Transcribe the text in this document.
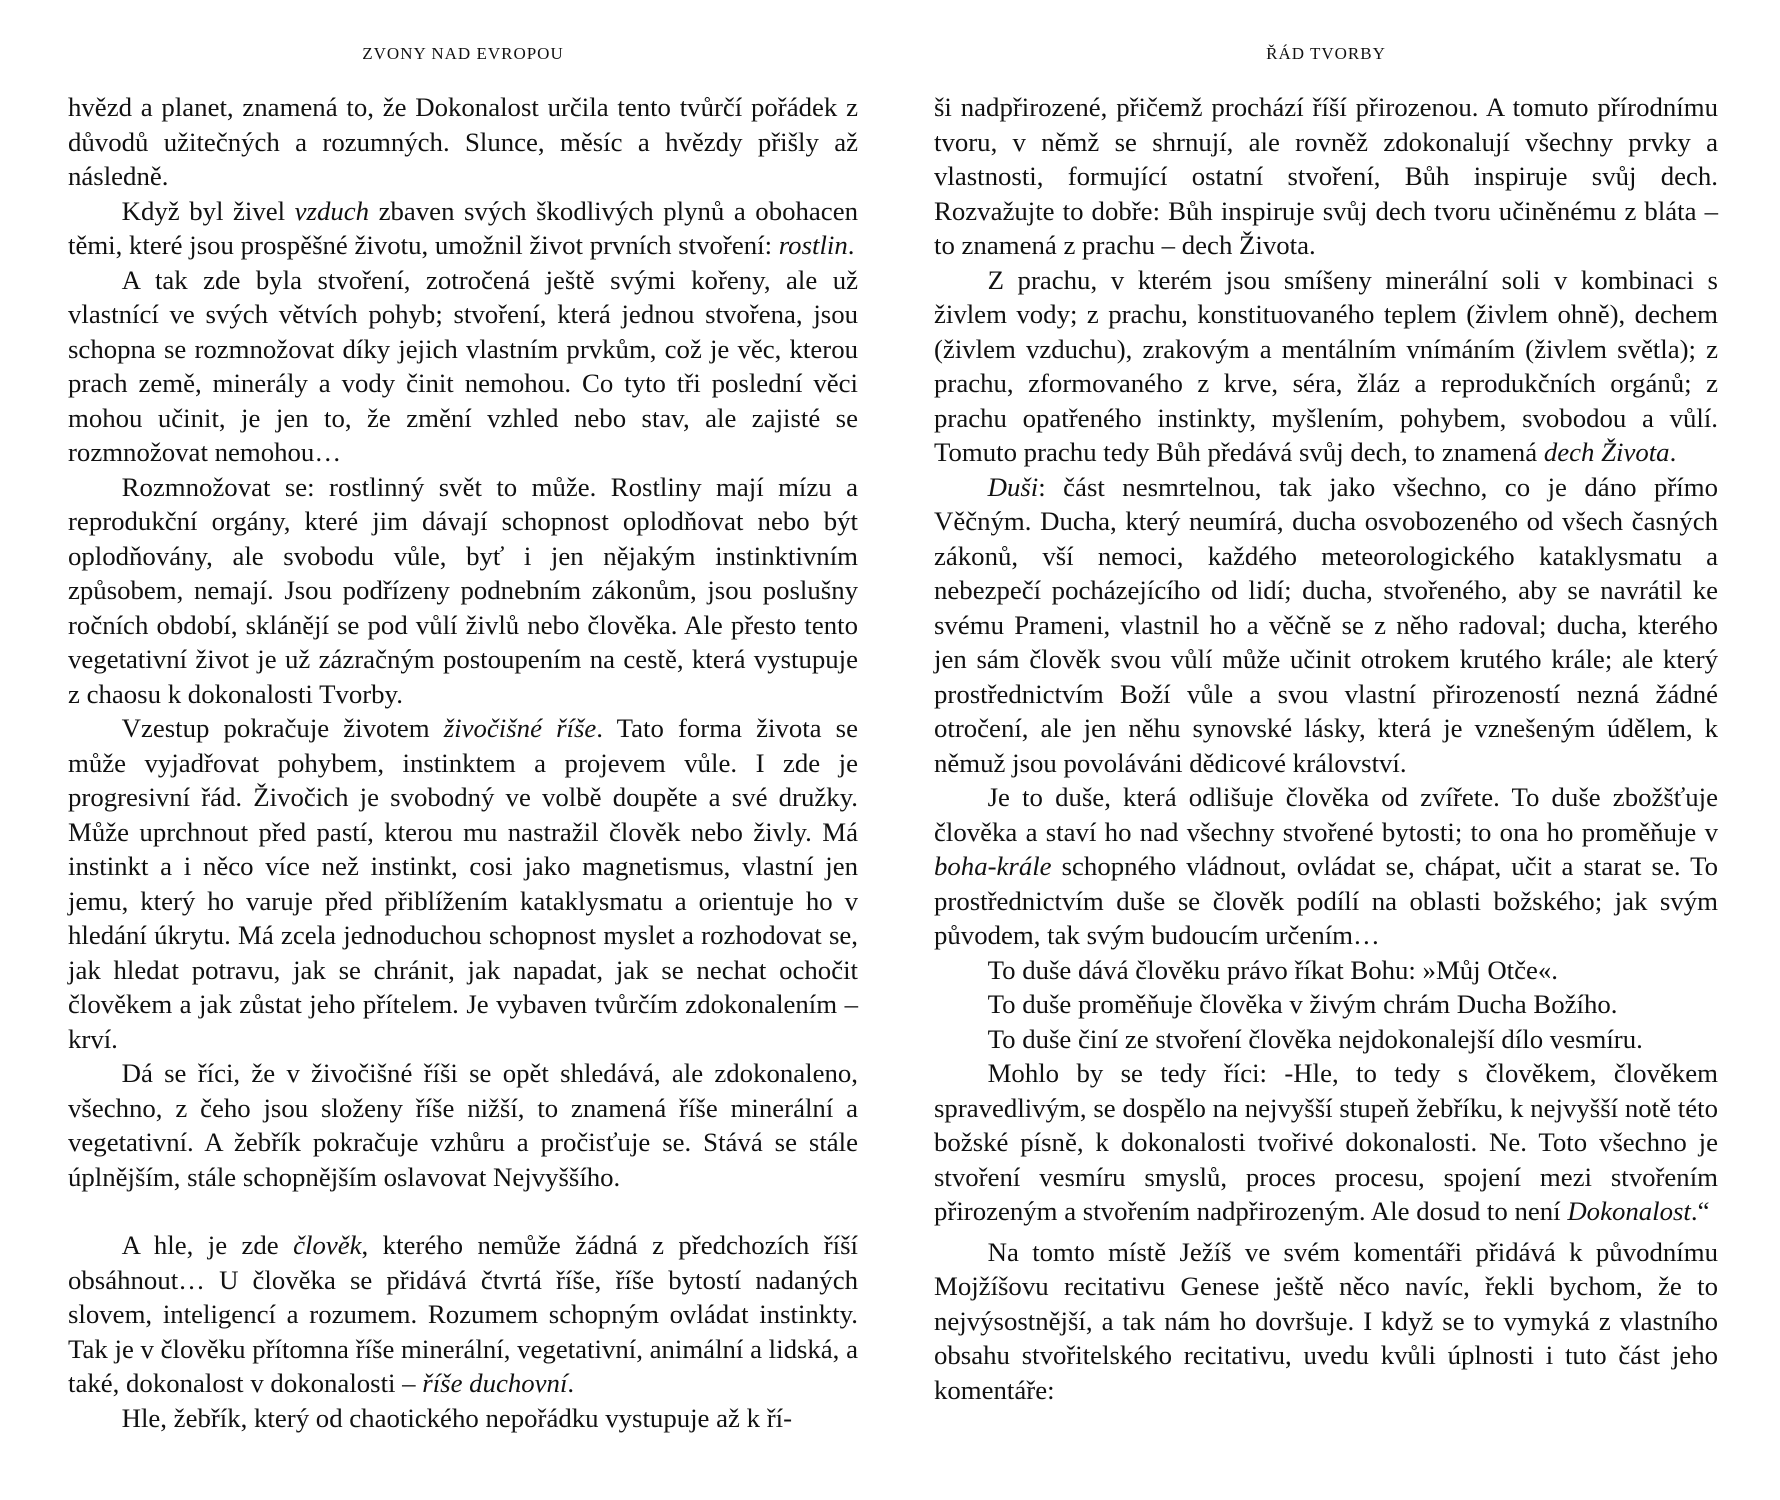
ZVONY NAD EVROPOU

hvězd a planet, znamená to, že Dokonalost určila tento tvůrčí pořádek z důvodů užitečných a rozumných. Slunce, měsíc a hvězdy přišly až následně.

Když byl živel vzduch zbaven svých škodlivých plynů a obohacen těmi, které jsou prospěšné životu, umožnil život prvních stvoření: rostlin.

A tak zde byla stvoření, zotročená ještě svými kořeny, ale už vlastnící ve svých větvích pohyb; stvoření, která jednou stvořena, jsou schopna se rozmnožovat díky jejich vlastním prvkům, což je věc, kterou prach země, minerály a vody činit nemohou. Co tyto tři poslední věci mohou učinit, je jen to, že změní vzhled nebo stav, ale zajisté se rozmnožovat nemohou…

Rozmnožovat se: rostlinný svět to může. Rostliny mají mízu a reprodukční orgány, které jim dávají schopnost oplodňovat nebo být oplodňovány, ale svobodu vůle, byť i jen nějakým instinktivním způsobem, nemají. Jsou podřízeny podnebním zákonům, jsou poslušny ročních období, sklánějí se pod vůlí živlů nebo člověka. Ale přesto tento vegetativní život je už zázračným postoupením na cestě, která vystupuje z chaosu k dokonalosti Tvorby.

Vzestup pokračuje životem živočišné říše. Tato forma života se může vyjadřovat pohybem, instinktem a projevem vůle. I zde je progresivní řád. Živočich je svobodný ve volbě doupěte a své družky. Může uprchnout před pastí, kterou mu nastražil člověk nebo živly. Má instinkt a i něco více než instinkt, cosi jako magnetismus, vlastní jen jemu, který ho varuje před přiblížením kataklysmatu a orientuje ho v hledání úkrytu. Má zcela jednoduchou schopnost myslet a rozhodovat se, jak hledat potravu, jak se chránit, jak napadat, jak se nechat ochočit člověkem a jak zůstat jeho přítelem. Je vybaven tvůrčím zdokonalením – krví.

Dá se říci, že v živočišné říši se opět shledává, ale zdokonaleno, všechno, z čeho jsou složeny říše nižší, to znamená říše minerální a vegetativní. A žebřík pokračuje vzhůru a pročisťuje se. Stává se stále úplnějším, stále schopnějším oslavovat Nejvyššího.

A hle, je zde člověk, kterého nemůže žádná z předchozích říší obsáhnout… U člověka se přidává čtvrtá říše, říše bytostí nadaných slovem, inteligencí a rozumem. Rozumem schopným ovládat instinkty. Tak je v člověku přítomna říše minerální, vegetativní, animální a lidská, a také, dokonalost v dokonalosti – říše duchovní.

Hle, žebřík, který od chaotického nepořádku vystupuje až k ří-

ŘÁD TVORBY

ši nadpřirozené, přičemž prochází říší přirozenou. A tomuto přírodnímu tvoru, v němž se shrnují, ale rovněž zdokonalují všechny prvky a vlastnosti, formující ostatní stvoření, Bůh inspiruje svůj dech. Rozvažujte to dobře: Bůh inspiruje svůj dech tvoru učiněnému z bláta – to znamená z prachu – dech Života.

Z prachu, v kterém jsou smíšeny minerální soli v kombinaci s živlem vody; z prachu, konstituovaného teplem (živlem ohně), dechem (živlem vzduchu), zrakovým a mentálním vnímáním (živlem světla); z prachu, zformovaného z krve, séra, žláz a reprodukčních orgánů; z prachu opatřeného instinkty, myšlením, pohybem, svobodou a vůlí. Tomuto prachu tedy Bůh předává svůj dech, to znamená dech Života.

Duši: část nesmrtelnou, tak jako všechno, co je dáno přímo Věčným. Ducha, který neumírá, ducha osvobozeného od všech časných zákonů, vší nemoci, každého meteorologického kataklysmatu a nebezpečí pocházejícího od lidí; ducha, stvořeného, aby se navrátil ke svému Prameni, vlastnil ho a věčně se z něho radoval; ducha, kterého jen sám člověk svou vůlí může učinit otrokem krutého krále; ale který prostřednictvím Boží vůle a svou vlastní přirozeností nezná žádné otročení, ale jen něhu synovské lásky, která je vznešeným údělem, k němuž jsou povoláváni dědicové království.

Je to duše, která odlišuje člověka od zvířete. To duše zbožšťuje člověka a staví ho nad všechny stvořené bytosti; to ona ho proměňuje v boha-krále schopného vládnout, ovládat se, chápat, učit a starat se. To prostřednictvím duše se člověk podílí na oblasti božského; jak svým původem, tak svým budoucím určením…

To duše dává člověku právo říkat Bohu: »Můj Otče«.

To duše proměňuje člověka v živým chrám Ducha Božího.

To duše činí ze stvoření člověka nejdokonalejší dílo vesmíru.

Mohlo by se tedy říci: -Hle, to tedy s člověkem, člověkem spravedlivým, se dospělo na nejvyšší stupeň žebříku, k nejvyšší notě této božské písně, k dokonalosti tvořivé dokonalosti. Ne. Toto všechno je stvoření vesmíru smyslů, proces procesu, spojení mezi stvořením přirozeným a stvořením nadpřirozeným. Ale dosud to není Dokonalost.“

Na tomto místě Ježíš ve svém komentáři přidává k původnímu Mojžíšovu recitativu Genese ještě něco navíc, řekli bychom, že to nejvýsostnější, a tak nám ho dovršuje. I když se to vymyká z vlastního obsahu stvořitelského recitativu, uvedu kvůli úplnosti i tuto část jeho komentáře:
